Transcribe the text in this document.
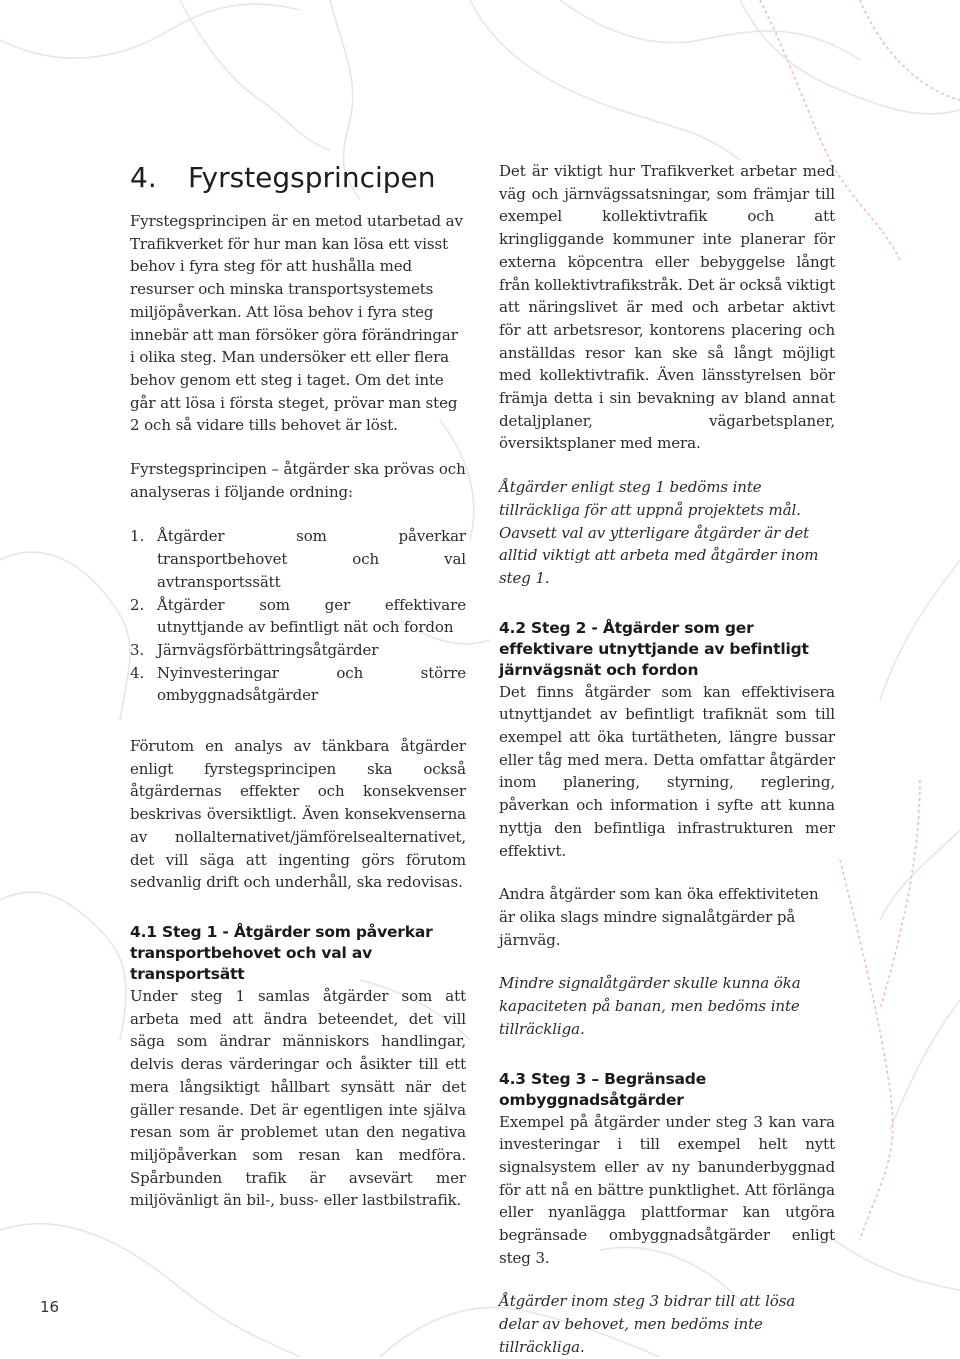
4.	Fyrstegsprincipen

Fyrstegsprincipen är en metod utarbetad av Trafikverket för hur man kan lösa ett visst behov i fyra steg för att hushålla med resurser och minska transportsystemets miljöpåverkan. Att lösa behov i fyra steg innebär att man försöker göra förändringar i olika steg. Man undersöker ett eller flera behov genom ett steg i taget. Om det inte går att lösa i första steget, prövar man steg 2 och så vidare tills behovet är löst.

Fyrstegsprincipen – åtgärder ska prövas och analyseras i följande ordning:

1. Åtgärder som påverkar transportbehovet och val avtransportssätt
2. Åtgärder som ger effektivare utnyttjande av befintligt nät och fordon
3. Järnvägsförbättringsåtgärder
4. Nyinvesteringar och större ombyggnadsåtgärder

Förutom en analys av tänkbara åtgärder enligt fyrstegsprincipen ska också åtgärdernas effekter och konsekvenser beskrivas översiktligt. Även konsekvenserna av nollalternativet/jämförelsealternativet, det vill säga att ingenting görs förutom sedvanlig drift och underhåll, ska redovisas.

4.1 Steg 1 - Åtgärder som påverkar transportbehovet och val av transportsätt

Under steg 1 samlas åtgärder som att arbeta med att ändra beteendet, det vill säga som ändrar människors handlingar, delvis deras värderingar och åsikter till ett mera långsiktigt hållbart synsätt när det gäller resande. Det är egentligen inte själva resan som är problemet utan den negativa miljöpåverkan som resan kan medföra. Spårbunden trafik är avsevärt mer miljövänligt än bil-, buss- eller lastbilstrafik.

Det är viktigt hur Trafikverket arbetar med väg och järnvägssatsningar, som främjar till exempel kollektivtrafik och att kringliggande kommuner inte planerar för externa köpcentra eller bebyggelse långt från kollektivtrafikstråk. Det är också viktigt att näringslivet är med och arbetar aktivt för att arbetsresor, kontorens placering och anställdas resor kan ske så långt möjligt med kollektivtrafik. Även länsstyrelsen bör främja detta i sin bevakning av bland annat detaljplaner, vägarbetsplaner, översiktsplaner med mera.

Åtgärder enligt steg 1 bedöms inte tillräckliga för att uppnå projektets mål. Oavsett val av ytterligare åtgärder är det alltid viktigt att arbeta med åtgärder inom steg 1.

4.2 Steg 2 - Åtgärder som ger effektivare utnyttjande av befintligt järnvägsnät och fordon

Det finns åtgärder som kan effektivisera utnyttjandet av befintligt trafiknät som till exempel att öka turtätheten, längre bussar eller tåg med mera. Detta omfattar åtgärder inom planering, styrning, reglering, påverkan och information i syfte att kunna nyttja den befintliga infrastrukturen mer effektivt.

Andra åtgärder som kan öka effektiviteten är olika slags mindre signalåtgärder på järnväg.

Mindre signalåtgärder skulle kunna öka kapaciteten på banan, men bedöms inte tillräckliga.

4.3 Steg 3 – Begränsade ombyggnadsåtgärder

Exempel på åtgärder under steg 3 kan vara investeringar i till exempel helt nytt signalsystem eller av ny banunderbyggnad för att nå en bättre punktlighet. Att förlänga eller nyanlägga plattformar kan utgöra begränsade ombyggnadsåtgärder enligt steg 3.

Åtgärder inom steg 3 bidrar till att lösa delar av behovet, men bedöms inte tillräckliga.

16
